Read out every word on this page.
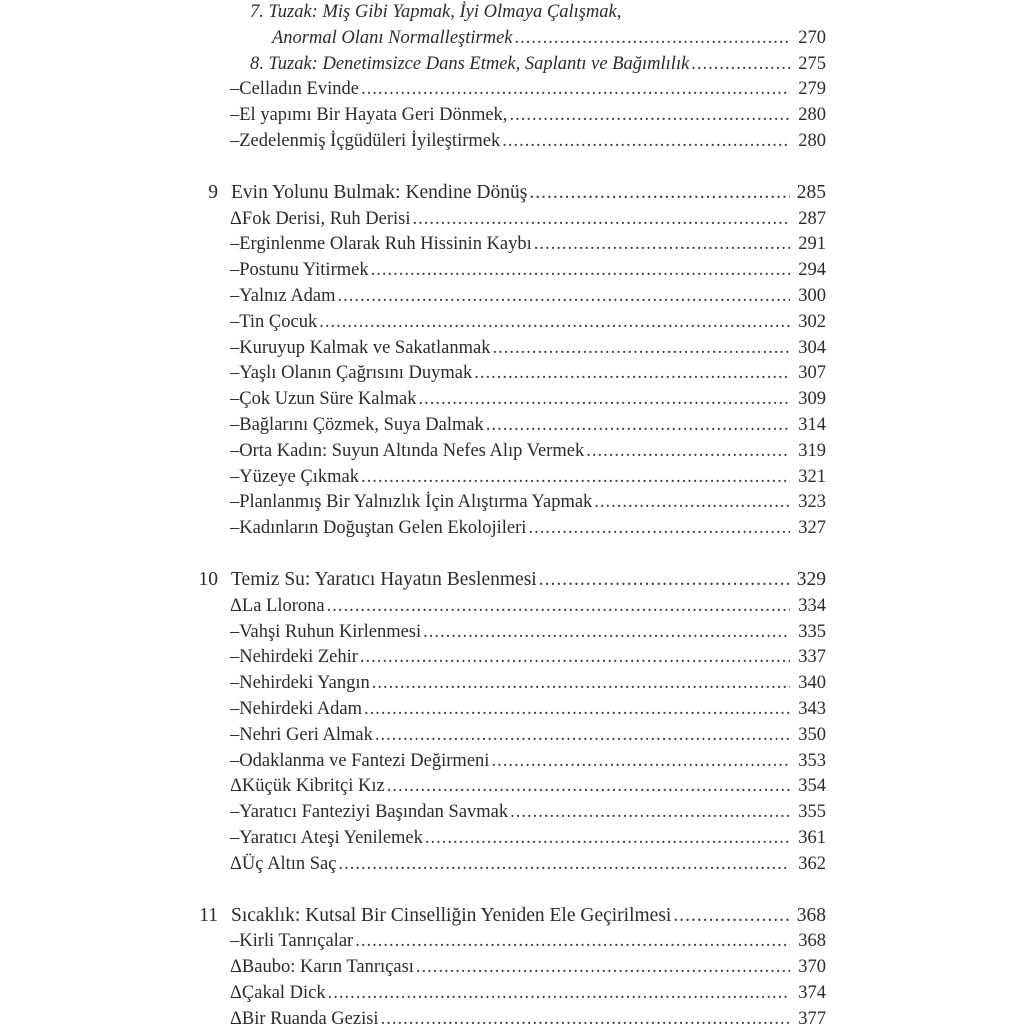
7. Tuzak: Miş Gibi Yapmak, İyi Olmaya Çalışmak,
Anormal Olanı Normalleştirmek .....	270
8. Tuzak: Denetimsizce Dans Etmek, Saplantı ve Bağımlılık .....	275
– Celladın Evinde .....	279
– El yapımı Bir Hayata Geri Dönmek, .....	280
– Zedelenmiş İçgüdüleri İyileştirmek .....	280
9 Evin Yolunu Bulmak: Kendine Dönüş .....	285
Δ Fok Derisi, Ruh Derisi .....	287
– Erginlenme Olarak Ruh Hissinin Kaybı .....	291
– Postunu Yitirmek .....	294
– Yalnız Adam .....	300
– Tin Çocuk .....	302
– Kuruyup Kalmak ve Sakatlanmak .....	304
– Yaşlı Olanın Çağrısını Duymak .....	307
– Çok Uzun Süre Kalmak .....	309
– Bağlarını Çözmek, Suya Dalmak .....	314
– Orta Kadın: Suyun Altında Nefes Alıp Vermek .....	319
– Yüzeye Çıkmak .....	321
– Planlanmış Bir Yalnızlık İçin Alıştırma Yapmak .....	323
– Kadınların Doğuştan Gelen Ekolojileri .....	327
10 Temiz Su: Yaratıcı Hayatın Beslenmesi .....	329
Δ La Llorona .....	334
– Vahşi Ruhun Kirlenmesi .....	335
– Nehirdeki Zehir .....	337
– Nehirdeki Yangın .....	340
– Nehirdeki Adam .....	343
– Nehri Geri Almak .....	350
– Odaklanma ve Fantezi Değirmeni .....	353
Δ Küçük Kibritçi Kız .....	354
– Yaratıcı Fanteziyi Başından Savmak .....	355
– Yaratıcı Ateşi Yenilemek .....	361
Δ Üç Altın Saç .....	362
11 Sıcaklık: Kutsal Bir Cinselliğin Yeniden Ele Geçirilmesi .....	368
– Kirli Tanrıçalar .....	368
Δ Baubo: Karın Tanrıçası .....	370
Δ Çakal Dick .....	374
Δ Bir Ruanda Gezisi .....	377
